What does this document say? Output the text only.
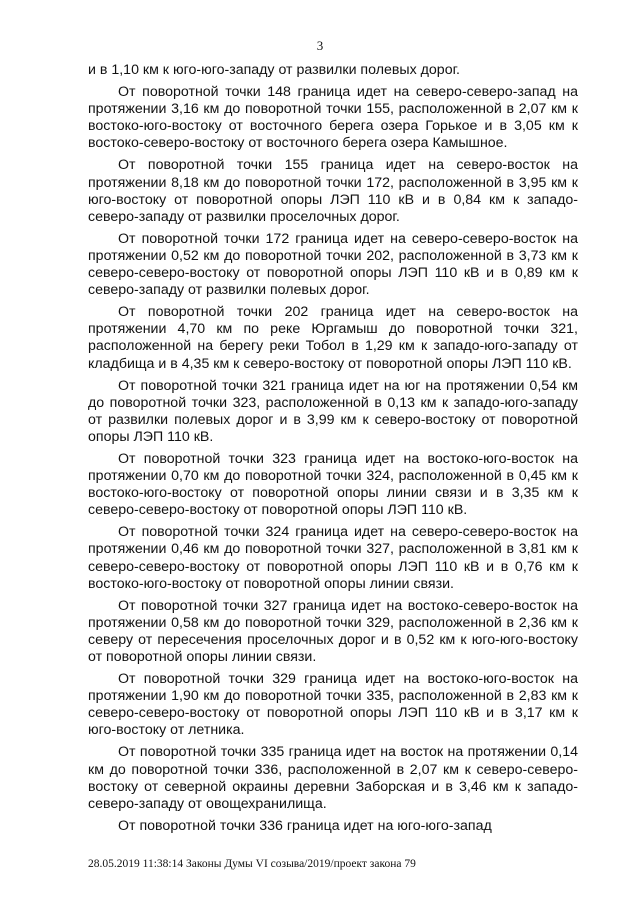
3

и в 1,10 км к юго-юго-западу от развилки полевых дорог.

От поворотной точки 148 граница идет на северо-северо-запад на протяжении 3,16 км до поворотной точки 155, расположенной в 2,07 км к востоко-юго-востоку от восточного берега озера Горькое и в 3,05 км к востоко-северо-востоку от восточного берега озера Камышное.

От поворотной точки 155 граница идет на северо-восток на протяжении 8,18 км до поворотной точки 172, расположенной в 3,95 км к юго-востоку от поворотной опоры ЛЭП 110 кВ и в 0,84 км к западо-северо-западу от развилки проселочных дорог.

От поворотной точки 172 граница идет на северо-северо-восток на протяжении 0,52 км до поворотной точки 202, расположенной в 3,73 км к северо-северо-востоку от поворотной опоры ЛЭП 110 кВ и в 0,89 км к северо-западу от развилки полевых дорог.

От поворотной точки 202 граница идет на северо-восток на протяжении 4,70 км по реке Юргамыш до поворотной точки 321, расположенной на берегу реки Тобол в 1,29 км к западо-юго-западу от кладбища и в 4,35 км к северо-востоку от поворотной опоры ЛЭП 110 кВ.

От поворотной точки 321 граница идет на юг на протяжении 0,54 км до поворотной точки 323, расположенной в 0,13 км к западо-юго-западу от развилки полевых дорог и в 3,99 км к северо-востоку от поворотной опоры ЛЭП 110 кВ.

От поворотной точки 323 граница идет на востоко-юго-восток на протяжении 0,70 км до поворотной точки 324, расположенной в 0,45 км к востоко-юго-востоку от поворотной опоры линии связи и в 3,35 км к северо-северо-востоку от поворотной опоры ЛЭП 110 кВ.

От поворотной точки 324 граница идет на северо-северо-восток на протяжении 0,46 км до поворотной точки 327, расположенной в 3,81 км к северо-северо-востоку от поворотной опоры ЛЭП 110 кВ и в 0,76 км к востоко-юго-востоку от поворотной опоры линии связи.

От поворотной точки 327 граница идет на востоко-северо-восток на протяжении 0,58 км до поворотной точки 329, расположенной в 2,36 км к северу от пересечения проселочных дорог и в 0,52 км к юго-юго-востоку от поворотной опоры линии связи.

От поворотной точки 329 граница идет на востоко-юго-восток на протяжении 1,90 км до поворотной точки 335, расположенной в 2,83 км к северо-северо-востоку от поворотной опоры ЛЭП 110 кВ и в 3,17 км к юго-востоку от летника.

От поворотной точки 335 граница идет на восток на протяжении 0,14 км до поворотной точки 336, расположенной в 2,07 км к северо-северо-востоку от северной окраины деревни Заборская и в 3,46 км к западо-северо-западу от овощехранилища.

От поворотной точки 336 граница идет на юго-юго-запад

28.05.2019 11:38:14 Законы Думы VI созыва/2019/проект закона 79
